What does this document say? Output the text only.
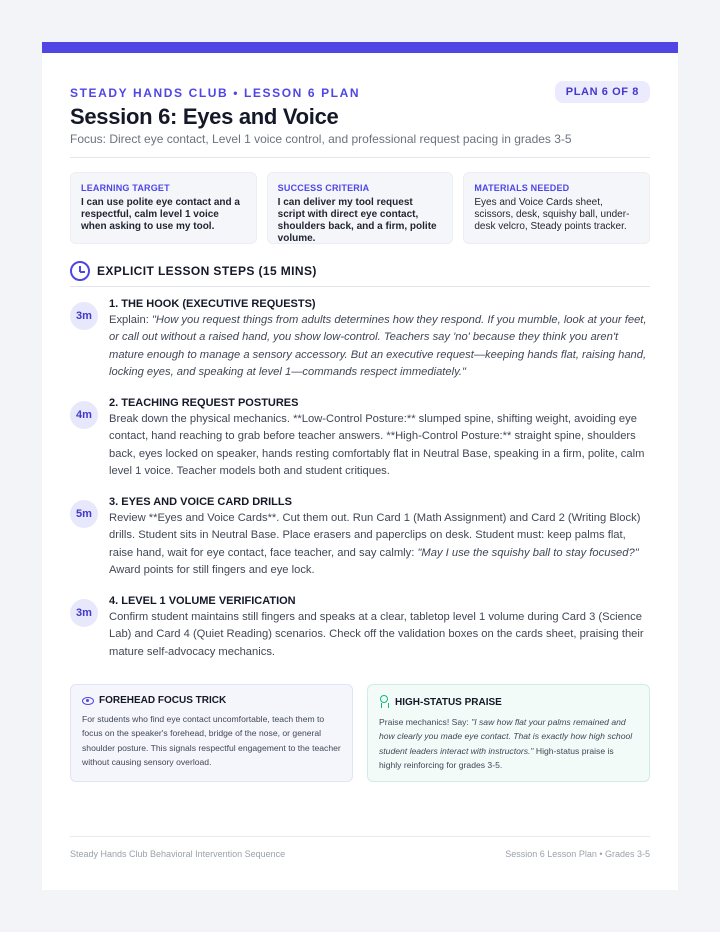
STEADY HANDS CLUB • LESSON 6 PLAN	PLAN 6 OF 8
Session 6: Eyes and Voice
Focus: Direct eye contact, Level 1 voice control, and professional request pacing in grades 3-5
LEARNING TARGET
I can use polite eye contact and a respectful, calm level 1 voice when asking to use my tool.
SUCCESS CRITERIA
I can deliver my tool request script with direct eye contact, shoulders back, and a firm, polite volume.
MATERIALS NEEDED
Eyes and Voice Cards sheet, scissors, desk, squishy ball, under-desk velcro, Steady points tracker.
EXPLICIT LESSON STEPS (15 MINS)
3m
1. THE HOOK (EXECUTIVE REQUESTS)
Explain: "How you request things from adults determines how they respond. If you mumble, look at your feet, or call out without a raised hand, you show low-control. Teachers say 'no' because they think you aren't mature enough to manage a sensory accessory. But an executive request—keeping hands flat, raising hand, locking eyes, and speaking at level 1—commands respect immediately."
4m
2. TEACHING REQUEST POSTURES
Break down the physical mechanics. **Low-Control Posture:** slumped spine, shifting weight, avoiding eye contact, hand reaching to grab before teacher answers. **High-Control Posture:** straight spine, shoulders back, eyes locked on speaker, hands resting comfortably flat in Neutral Base, speaking in a firm, polite, calm level 1 voice. Teacher models both and student critiques.
5m
3. EYES AND VOICE CARD DRILLS
Review **Eyes and Voice Cards**. Cut them out. Run Card 1 (Math Assignment) and Card 2 (Writing Block) drills. Student sits in Neutral Base. Place erasers and paperclips on desk. Student must: keep palms flat, raise hand, wait for eye contact, face teacher, and say calmly: "May I use the squishy ball to stay focused?" Award points for still fingers and eye lock.
3m
4. LEVEL 1 VOLUME VERIFICATION
Confirm student maintains still fingers and speaks at a clear, tabletop level 1 volume during Card 3 (Science Lab) and Card 4 (Quiet Reading) scenarios. Check off the validation boxes on the cards sheet, praising their mature self-advocacy mechanics.
FOREHEAD FOCUS TRICK
For students who find eye contact uncomfortable, teach them to focus on the speaker's forehead, bridge of the nose, or general shoulder posture. This signals respectful engagement to the teacher without causing sensory overload.
HIGH-STATUS PRAISE
Praise mechanics! Say: "I saw how flat your palms remained and how clearly you made eye contact. That is exactly how high school student leaders interact with instructors." High-status praise is highly reinforcing for grades 3-5.
Steady Hands Club Behavioral Intervention Sequence	Session 6 Lesson Plan • Grades 3-5
